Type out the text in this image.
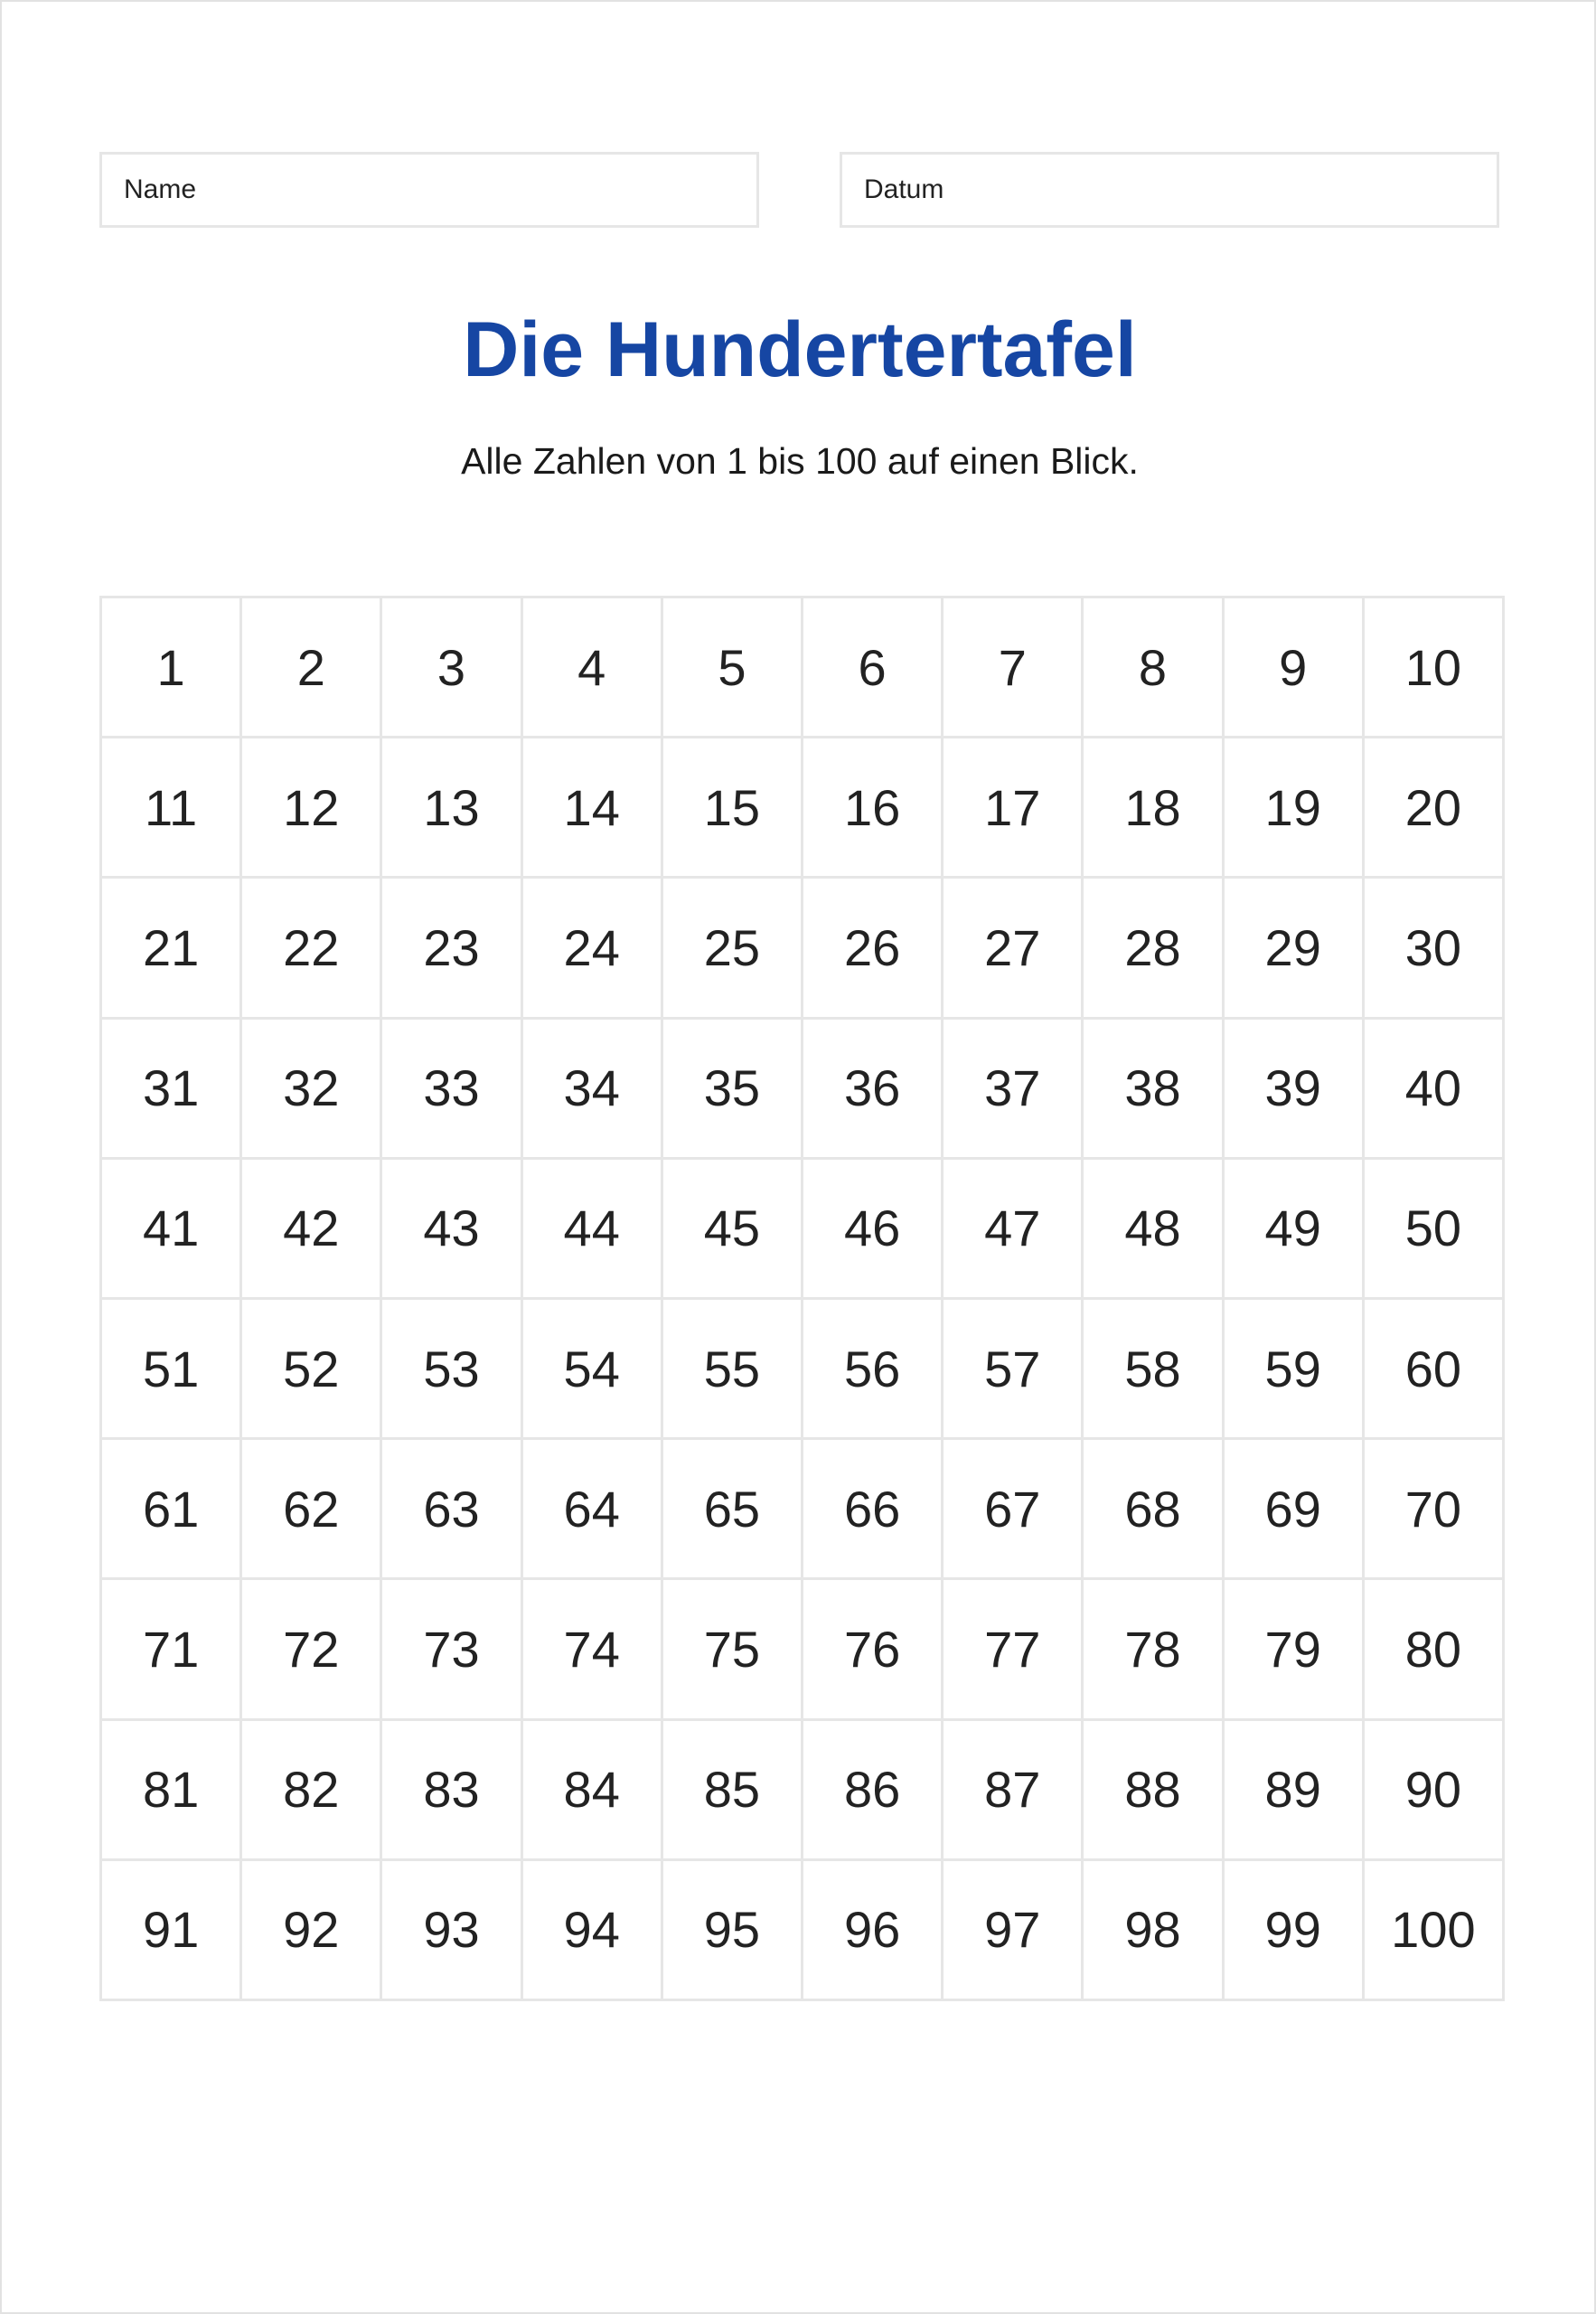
Name	Datum
Die Hundertertafel
Alle Zahlen von 1 bis 100 auf einen Blick.
1	2	3	4	5	6	7	8	9	10
11	12	13	14	15	16	17	18	19	20
21	22	23	24	25	26	27	28	29	30
31	32	33	34	35	36	37	38	39	40
41	42	43	44	45	46	47	48	49	50
51	52	53	54	55	56	57	58	59	60
61	62	63	64	65	66	67	68	69	70
71	72	73	74	75	76	77	78	79	80
81	82	83	84	85	86	87	88	89	90
91	92	93	94	95	96	97	98	99	100
